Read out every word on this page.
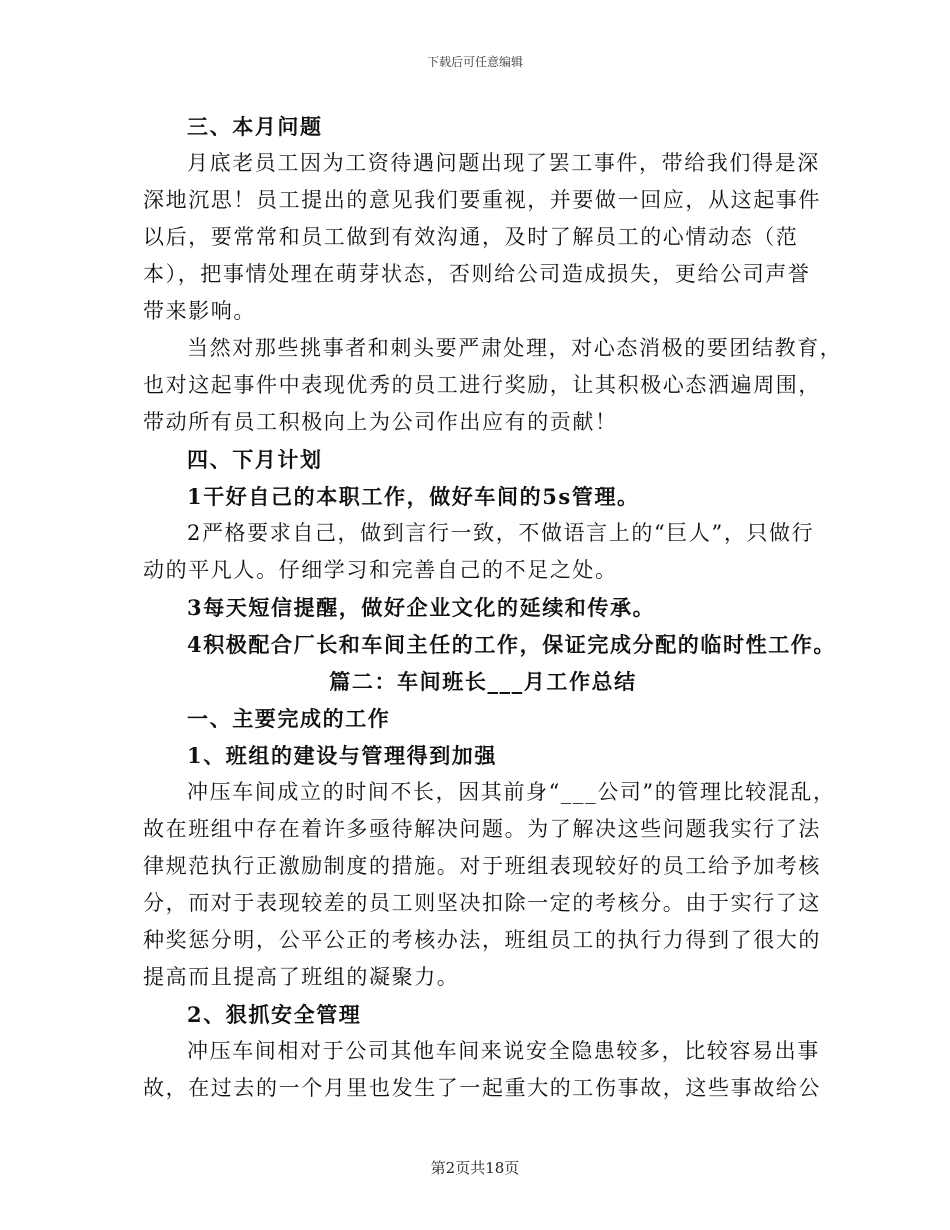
下载后可任意编辑
三、本月问题
月底老员工因为工资待遇问题出现了罢工事件，带给我们得是深
深地沉思！员工提出的意见我们要重视，并要做一回应，从这起事件
以后，要常常和员工做到有效沟通，及时了解员工的心情动态（范
本），把事情处理在萌芽状态，否则给公司造成损失，更给公司声誉
带来影响。
当然对那些挑事者和刺头要严肃处理，对心态消极的要团结教育，
也对这起事件中表现优秀的员工进行奖励，让其积极心态洒遍周围，
带动所有员工积极向上为公司作出应有的贡献！
四、下月计划
1干好自己的本职工作，做好车间的5s管理。
2严格要求自己，做到言行一致，不做语言上的“巨人”，只做行
动的平凡人。仔细学习和完善自己的不足之处。
3每天短信提醒，做好企业文化的延续和传承。
4积极配合厂长和车间主任的工作，保证完成分配的临时性工作。
篇二：车间班长___月工作总结
一、主要完成的工作
1、班组的建设与管理得到加强
冲压车间成立的时间不长，因其前身“___公司”的管理比较混乱，
故在班组中存在着许多亟待解决问题。为了解决这些问题我实行了法
律规范执行正激励制度的措施。对于班组表现较好的员工给予加考核
分，而对于表现较差的员工则坚决扣除一定的考核分。由于实行了这
种奖惩分明，公平公正的考核办法，班组员工的执行力得到了很大的
提高而且提高了班组的凝聚力。
2、狠抓安全管理
冲压车间相对于公司其他车间来说安全隐患较多，比较容易出事
故，在过去的一个月里也发生了一起重大的工伤事故，这些事故给公
第2页共18页
